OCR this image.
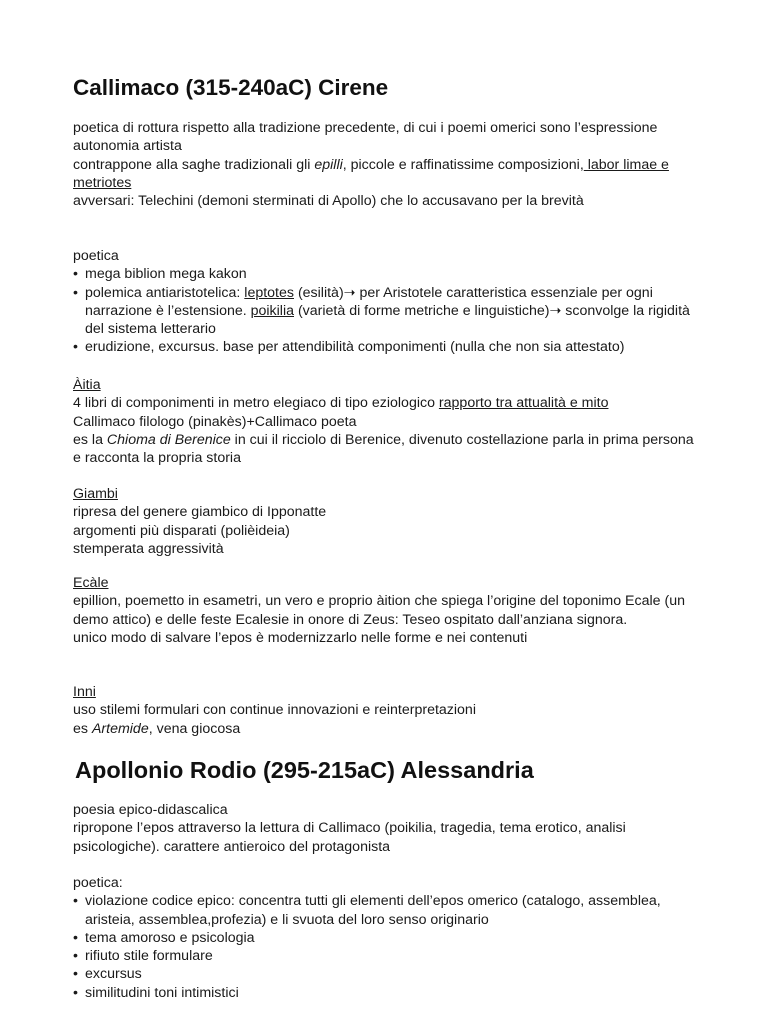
Callimaco (315-240aC) Cirene

poetica di rottura rispetto alla tradizione precedente, di cui i poemi omerici sono l’espressione

autonomia artista

contrappone alla saghe tradizionali gli epilli, piccole e raffinatissime composizioni, labor limae e metriotes

avversari: Telechini (demoni sterminati di Apollo) che lo accusavano per la brevità

poetica

• mega biblion mega kakon
• polemica antiaristotelica: leptotes (esilità)➝ per Aristotele caratteristica essenziale per ogni narrazione è l’estensione. poikilia (varietà di forme metriche e linguistiche)➝ sconvolge la rigidità del sistema letterario
• erudizione, excursus. base per attendibilità componimenti (nulla che non sia attestato)

Àitia

4 libri di componimenti in metro elegiaco di tipo eziologico rapporto tra attualità e mito

Callimaco filologo (pinakès)+Callimaco poeta

es la Chioma di Berenice in cui il ricciolo di Berenice, divenuto costellazione parla in prima persona e racconta la propria storia

Giambi

ripresa del genere giambico di Ipponatte

argomenti più disparati (polièideia)

stemperata aggressività

Ecàle

epillion, poemetto in esametri, un vero e proprio àition che spiega l’origine del toponimo Ecale (un demo attico) e delle feste Ecalesie in onore di Zeus: Teseo ospitato dall’anziana signora.

unico modo di salvare l’epos è modernizzarlo nelle forme e nei contenuti

Inni

uso stilemi formulari con continue innovazioni e reinterpretazioni

es Artemide, vena giocosa

Apollonio Rodio (295-215aC) Alessandria

poesia epico-didascalica

ripropone l’epos attraverso la lettura di Callimaco (poikilia, tragedia, tema erotico, analisi psicologiche). carattere antieroico del protagonista

poetica:

• violazione codice epico: concentra tutti gli elementi dell’epos omerico (catalogo, assemblea, aristeia, assemblea,profezia) e li svuota del loro senso originario
• tema amoroso e psicologia
• rifiuto stile formulare
• excursus
• similitudini toni intimistici
